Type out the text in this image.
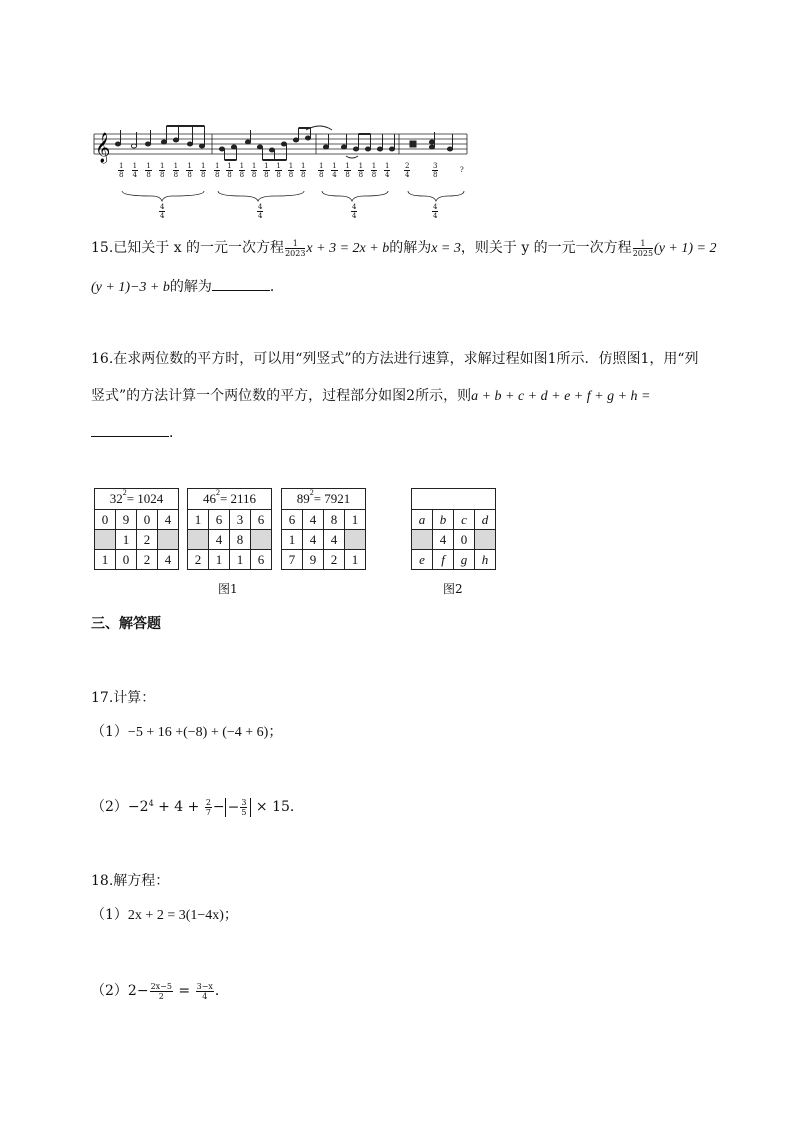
𝄞
1
8
1
4
1
8
1
8
1
8
1
8
1
8
4
4
1
8
1
8
1
8
1
8
1
8
1
8
1
8
1
8
4
4
1
8
1
4
1
8
1
8
1
8
1
4
4
4
2
4
3
8
?
4
4
15.已知关于 x 的一元一次方程 $\frac{1}{2023}$ x + 3 = 2x + b的解为x = 3，则关于 y 的一元一次方程 $\frac{1}{2025} (y + 1) = 2$
(y + 1)−3 + b的解为	．
16.在求两位数的平方时，可以用“列竖式”的方法进行速算，求解过程如图1所示．仿照图1，用“列
竖式”的方法计算一个两位数的平方，过程部分如图2所示，则a + b + c + d + e + f + g + h =
．
$32^2= 1024$			
0	9	0	4
	1	2	
1	0	2	4
$46^2= 2116$			
1	6	3	6
	4	8	
2	1	1	6
$89^2= 7921$			
6	4	8	1
1	4	4	
7	9	2	1

a	b	c	d
	4	0	
e	f	g	h
图1	图2
三、解答题
17.计算：
（1）−5 + 16 +(−8) + (−4 + 6)；
$(2)-2^4 + 4 + \frac{2}{7}$ − − $\frac{3}{5} \times 15$．
18.解方程：
（1）2x + 2 = 3(1−4x)；
$(2)2- \frac{2x-5}{2} = \frac{3-x}{4}$ ．
